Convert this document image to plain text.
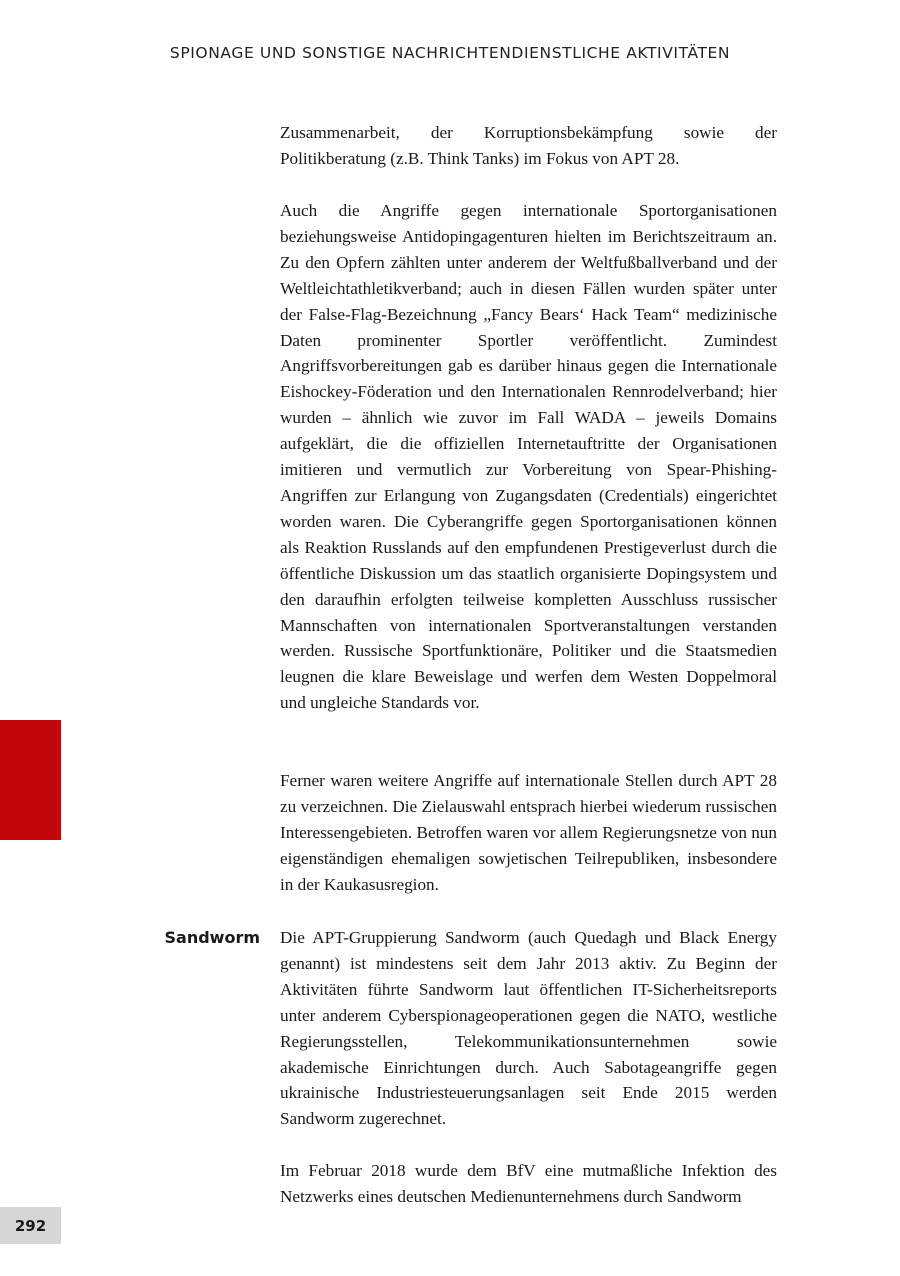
SPIONAGE UND SONSTIGE NACHRICHTENDIENSTLICHE AKTIVITÄTEN

Zusammenarbeit, der Korruptionsbekämpfung sowie der Politikberatung (z.B. Think Tanks) im Fokus von APT 28.

Auch die Angriffe gegen internationale Sportorganisationen beziehungsweise Antidopingagenturen hielten im Berichtszeitraum an. Zu den Opfern zählten unter anderem der Weltfußballverband und der Weltleichtathletikverband; auch in diesen Fällen wurden später unter der False-Flag-Bezeichnung „Fancy Bears‘ Hack Team“ medizinische Daten prominenter Sportler veröffentlicht. Zumindest Angriffsvorbereitungen gab es darüber hinaus gegen die Internationale Eishockey-Föderation und den Internationalen Rennrodelverband; hier wurden – ähnlich wie zuvor im Fall WADA – jeweils Domains aufgeklärt, die die offiziellen Internetauftritte der Organisationen imitieren und vermutlich zur Vorbereitung von Spear-Phishing-Angriffen zur Erlangung von Zugangsdaten (Credentials) eingerichtet worden waren. Die Cyberangriffe gegen Sportorganisationen können als Reaktion Russlands auf den empfundenen Prestigeverlust durch die öffentliche Diskussion um das staatlich organisierte Dopingsystem und den daraufhin erfolgten teilweise kompletten Ausschluss russischer Mannschaften von internationalen Sportveranstaltungen verstanden werden. Russische Sportfunktionäre, Politiker und die Staatsmedien leugnen die klare Beweislage und werfen dem Westen Doppelmoral und ungleiche Standards vor.

Ferner waren weitere Angriffe auf internationale Stellen durch APT 28 zu verzeichnen. Die Zielauswahl entsprach hierbei wiederum russischen Interessengebieten. Betroffen waren vor allem Regierungsnetze von nun eigenständigen ehemaligen sowjetischen Teilrepubliken, insbesondere in der Kaukasusregion.

Sandworm Die APT-Gruppierung Sandworm (auch Quedagh und Black Energy genannt) ist mindestens seit dem Jahr 2013 aktiv. Zu Beginn der Aktivitäten führte Sandworm laut öffentlichen IT-Sicherheitsreports unter anderem Cyberspionageoperationen gegen die NATO, westliche Regierungsstellen, Telekommunikationsunternehmen sowie akademische Einrichtungen durch. Auch Sabotageangriffe gegen ukrainische Industriesteuerungsanlagen seit Ende 2015 werden Sandworm zugerechnet.

Im Februar 2018 wurde dem BfV eine mutmaßliche Infektion des Netzwerks eines deutschen Medienunternehmens durch Sandworm

292
